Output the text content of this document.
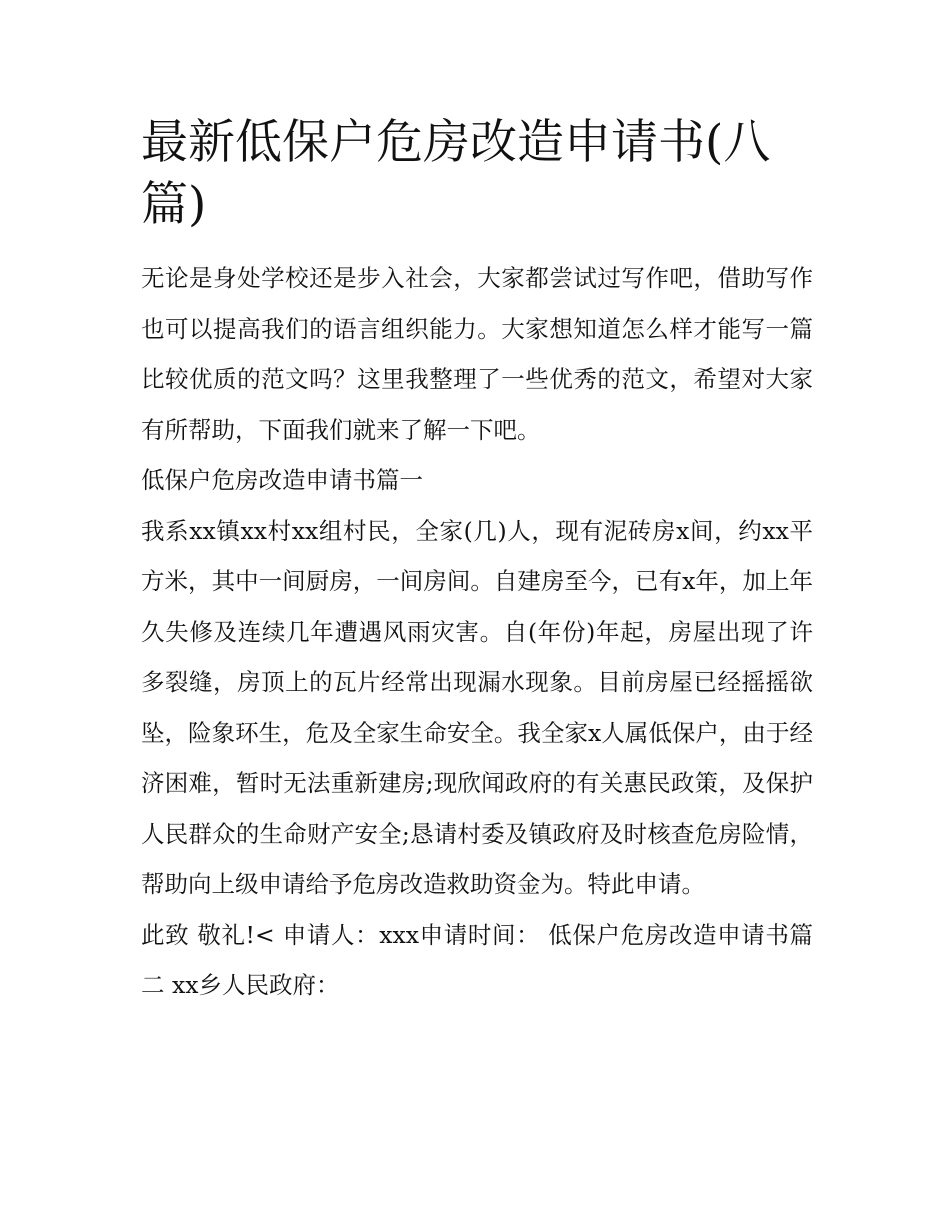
最新低保户危房改造申请书(八篇)

无论是身处学校还是步入社会，大家都尝试过写作吧，借助写作也可以提高我们的语言组织能力。大家想知道怎么样才能写一篇比较优质的范文吗？这里我整理了一些优秀的范文，希望对大家有所帮助，下面我们就来了解一下吧。

低保户危房改造申请书篇一

我系xx镇xx村xx组村民，全家(几)人，现有泥砖房x间，约xx平方米，其中一间厨房，一间房间。自建房至今，已有x年，加上年久失修及连续几年遭遇风雨灾害。自(年份)年起，房屋出现了许多裂缝，房顶上的瓦片经常出现漏水现象。目前房屋已经摇摇欲坠，险象环生，危及全家生命安全。我全家x人属低保户，由于经济困难，暂时无法重新建房;现欣闻政府的有关惠民政策，及保护人民群众的生命财产安全;恳请村委及镇政府及时核查危房险情，帮助向上级申请给予危房改造救助资金为。特此申请。

此致 敬礼!< 申请人：xxx申请时间： 低保户危房改造申请书篇二 xx乡人民政府：
